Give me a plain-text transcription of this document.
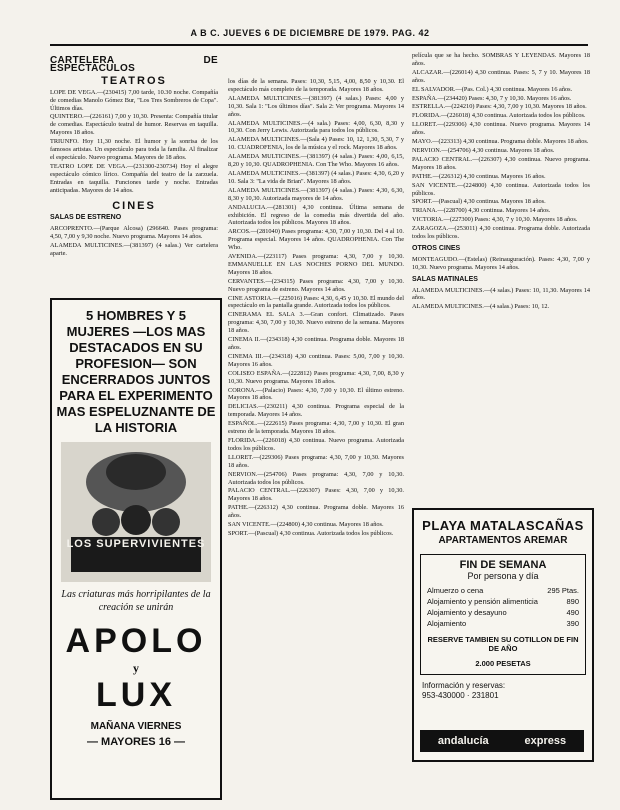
A B C. JUEVES 6 DE DICIEMBRE DE 1979. PAG. 42
CARTELERA DE ESPECTACULOS
TEATROS

LOPE DE VEGA.—(230415) 7,00 tarde, 10.30 noche. Compañía de comedias Manolo Gómez Bur, "Los Tres Sombreros de Copa". Últimos días.

QUINTERO.—(226161) 7,00 y 10,30. Presenta: Compañía titular de comedias. Espectáculo teatral de humor. Reservas en taquilla. Mayores 18 años.

TRIUNFO. Hoy 11,30 noche. El humor y la sonrisa de los famosos artistas. Un espectáculo para toda la familia. Al finalizar el espectáculo. Nuevo programa. Mayores de 18 años.

TEATRO LOPE DE VEGA.—(231300-230734) Hoy el alegre espectáculo cómico lírico. Compañía del teatro de la zarzuela. Entradas en taquilla. Funciones tarde y noche. Entradas anticipadas. Mayores de 14 años.

CINES
SALAS DE ESTRENO

ARCOPRENTO.—(Parque Alcosa) (296640. Pases programa: 4,50, 7,00 y 9,30 noche. Nuevo programa. Mayores 14 años.

ALAMEDA MULTICINES.—(381397) (4 salas.) Ver cartelera aparte.

5 HOMBRES Y 5 MUJERES —LOS MAS DESTACADOS EN SU PROFESION— SON ENCERRADOS JUNTOS PARA EL EXPERIMENTO MAS ESPELUZNANTE DE LA HISTORIA
LOS SUPERVIVIENTES
Las criaturas más horripilantes de la creación se unirán
APOLO
y
LUX
MAÑANA VIERNES
— MAYORES 16 —

los días de la semana. Pases: 10,30, 5,15, 4,00, 8,50 y 10,30. El espectáculo más completo de la temporada. Mayores 18 años.

ALAMEDA MULTICINES.—(381397) (4 salas.) Pases: 4,00 y 10,30. Sala 1: "Los últimos días". Sala 2: Ver programa. Mayores 14 años.

ALAMEDA MULTICINES.—(4 sala.) Pases: 4,00, 6,30, 8,30 y 10,30. Con Jerry Lewis. Autorizada para todos los públicos.

ALAMEDA MULTICINES.—(Sala 4) Pases: 10, 12, 1,30, 5,30, 7 y 10. CUADROFENIA, los de la música y el rock. Mayores 18 años.

ALAMEDA MULTICINES.—(381397) (4 salas.) Pases: 4,00, 6,15, 8,20 y 10,30. QUADROPHENIA. Con The Who. Mayores 16 años.

ALAMEDA MULTICINES.—(381397) (4 salas.) Pases: 4,30, 6,20 y 10. Sala 3: "La vida de Brian". Mayores 18 años.

ALAMEDA MULTICINES.—(381397) (4 salas.) Pases: 4,30, 6,30, 8,30 y 10,30. Autorizada mayores de 14 años.

ANDALUCIA.—(281301) 4,30 continua. Última semana de exhibición. El regreso de la comedia más divertida del año. Autorizada todos los públicos. Mayores 18 años.

ARCOS.—(281040) Pases programa: 4,30, 7,00 y 10,30. Del 4 al 10. Programa especial. Mayores 14 años. QUADROPHENIA. Con The Who.

AVENIDA.—(223117) Pases programa: 4,30, 7,00 y 10,30. EMMANUELLE EN LAS NOCHES PORNO DEL MUNDO. Mayores 18 años.

CERVANTES.—(234315) Pases programa: 4,30, 7,00 y 10,30. Nuevo programa de estreno. Mayores 14 años.

CINE ASTORIA.—(225016) Pases: 4,30, 6,45 y 10,30. El mundo del espectáculo en la pantalla grande. Autorizada todos los públicos.

CINERAMA EL SALA 3.—Gran confort. Climatizado. Pases programa: 4,30, 7,00 y 10,30. Nuevo estreno de la semana. Mayores 18 años.

CINEMA II.—(234318) 4,30 continua. Programa doble. Mayores 18 años.

CINEMA III.—(234318) 4,30 continua. Pases: 5,00, 7,00 y 10,30. Mayores 16 años.

COLISEO ESPAÑA.—(222812) Pases programa: 4,30, 7,00, 8,30 y 10,30. Nuevo programa. Mayores 18 años.

CORONA.—(Palacio) Pases: 4,30, 7,00 y 10,30. El último estreno. Mayores 18 años.

DELICIAS.—(230211) 4,30 continua. Programa especial de la temporada. Mayores 14 años.

ESPAÑOL.—(222615) Pases programa: 4,30, 7,00 y 10,30. El gran estreno de la temporada. Mayores 18 años.

FLORIDA.—(226018) 4,30 continua. Nuevo programa. Autorizada todos los públicos.

LLORET.—(229306) Pases programa: 4,30, 7,00 y 10,30. Mayores 18 años.

NERVION.—(254706) Pases programa: 4,30, 7,00 y 10,30. Autorizada todos los públicos.

PALACIO CENTRAL.—(226307) Pases: 4,30, 7,00 y 10,30. Mayores 18 años.

PATHE.—(226312) 4,30 continua. Programa doble. Mayores 16 años.

SAN VICENTE.—(224800) 4,30 continua. Mayores 18 años.

SPORT.—(Pascual) 4,30 continua. Autorizada todos los públicos.

película que se ha hecho. SOMBRAS Y LEYENDAS. Mayores 18 años.

ALCAZAR.—(226014) 4,30 continua. Pases: 5, 7 y 10. Mayores 18 años.

EL SALVADOR.—(Pas. Col.) 4,30 continua. Mayores 16 años.

ESPAÑA.—(234420) Pases: 4,30, 7 y 10,30. Mayores 16 años.

ESTRELLA.—(224210) Pases: 4,30, 7,00 y 10,30. Mayores 18 años.

FLORIDA.—(226018) 4,30 continua. Autorizada todos los públicos.

LLORET.—(229306) 4,30 continua. Nuevo programa. Mayores 14 años.

MAYO.—(223313) 4,30 continua. Programa doble. Mayores 18 años.

NERVION.—(254706) 4,30 continua. Mayores 18 años.

PALACIO CENTRAL.—(226307) 4,30 continua. Nuevo programa. Mayores 18 años.

PATHE.—(226312) 4,30 continua. Mayores 16 años.

SAN VICENTE.—(224800) 4,30 continua. Autorizada todos los públicos.

SPORT.—(Pascual) 4,30 continua. Mayores 18 años.

TRIANA.—(228700) 4,30 continua. Mayores 14 años.

VICTORIA.—(227300) Pases: 4,30, 7 y 10,30. Mayores 18 años.

ZARAGOZA.—(253011) 4,30 continua. Programa doble. Autorizada todos los públicos.

OTROS CINES

MONTEAGUDO.—(Estelas) (Reinauguración). Pases: 4,30, 7,00 y 10,30. Nuevo programa. Mayores 14 años.

SALAS MATINALES

ALAMEDA MULTICINES.—(4 salas.) Pases: 10, 11,30. Mayores 14 años.

ALAMEDA MULTICINES.—(4 salas.) Pases: 10, 12.

PLAYA MATALASCAÑAS
APARTAMENTOS AREMAR
FIN DE SEMANA
Por persona y día
Almuerzo o cena	295 Ptas.
Alojamiento y pensión alimenticia	890
Alojamiento y desayuno	490
Alojamiento	390
RESERVE TAMBIEN SU COTILLON DE FIN DE AÑO
2.000 PESETAS
Información y reservas:
953-430000 · 231801
andalucía	express
